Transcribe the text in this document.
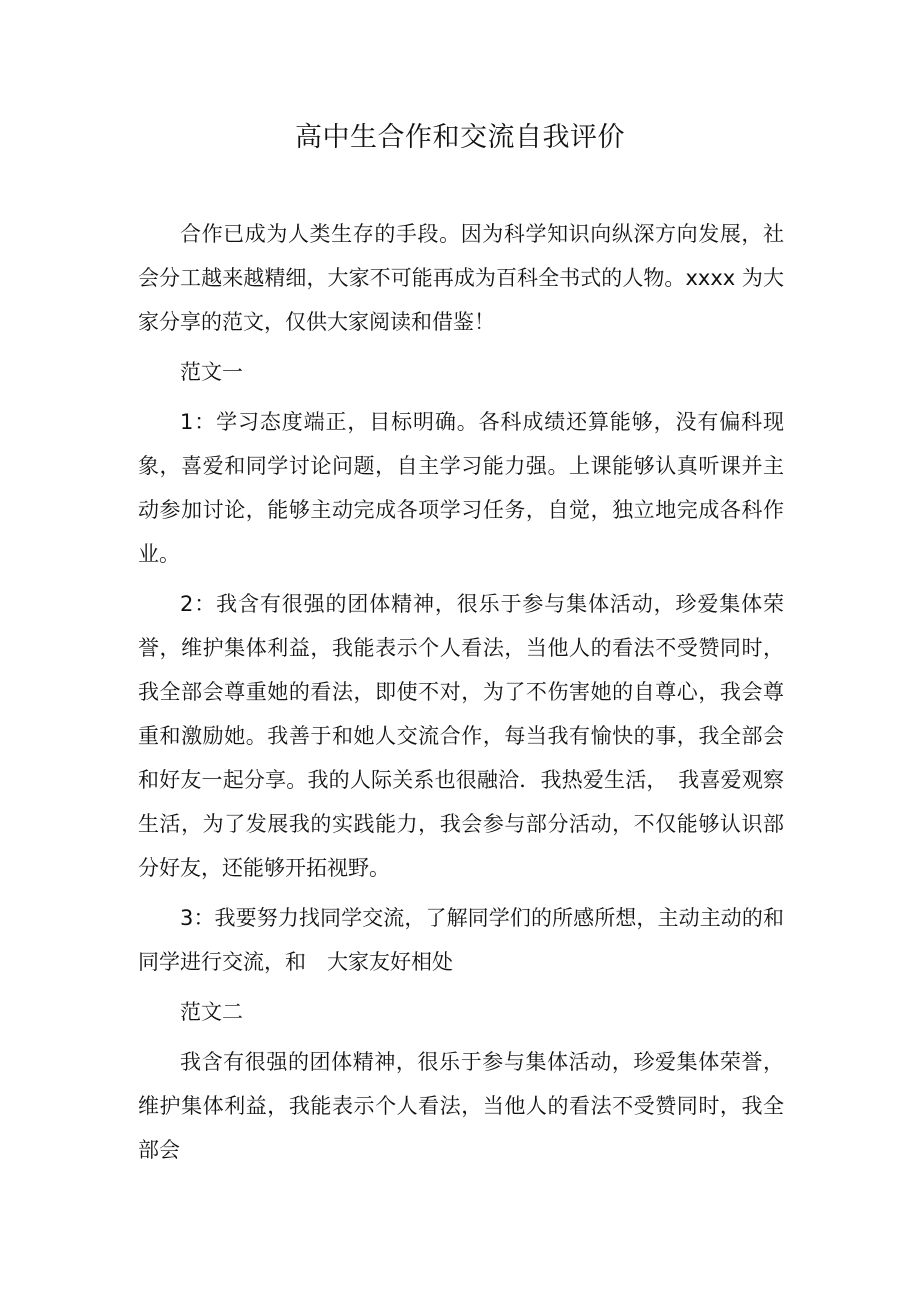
高中生合作和交流自我评价

合作已成为人类生存的手段。因为科学知识向纵深方向发展，社会分工越来越精细，大家不可能再成为百科全书式的人物。xxxx 为大家分享的范文，仅供大家阅读和借鉴！

范文一

1：学习态度端正，目标明确。各科成绩还算能够，没有偏科现象，喜爱和同学讨论问题，自主学习能力强。上课能够认真听课并主动参加讨论，能够主动完成各项学习任务，自觉，独立地完成各科作业。

2：我含有很强的团体精神，很乐于参与集体活动，珍爱集体荣誉，维护集体利益，我能表示个人看法，当他人的看法不受赞同时，我全部会尊重她的看法，即使不对，为了不伤害她的自尊心，我会尊重和激励她。我善于和她人交流合作，每当我有愉快的事，我全部会和好友一起分享。我的人际关系也很融洽．我热爱生活，　我喜爱观察生活，为了发展我的实践能力，我会参与部分活动，不仅能够认识部分好友，还能够开拓视野。

3：我要努力找同学交流，了解同学们的所感所想，主动主动的和同学进行交流，和　大家友好相处

范文二

我含有很强的团体精神，很乐于参与集体活动，珍爱集体荣誉，维护集体利益，我能表示个人看法，当他人的看法不受赞同时，我全部会
